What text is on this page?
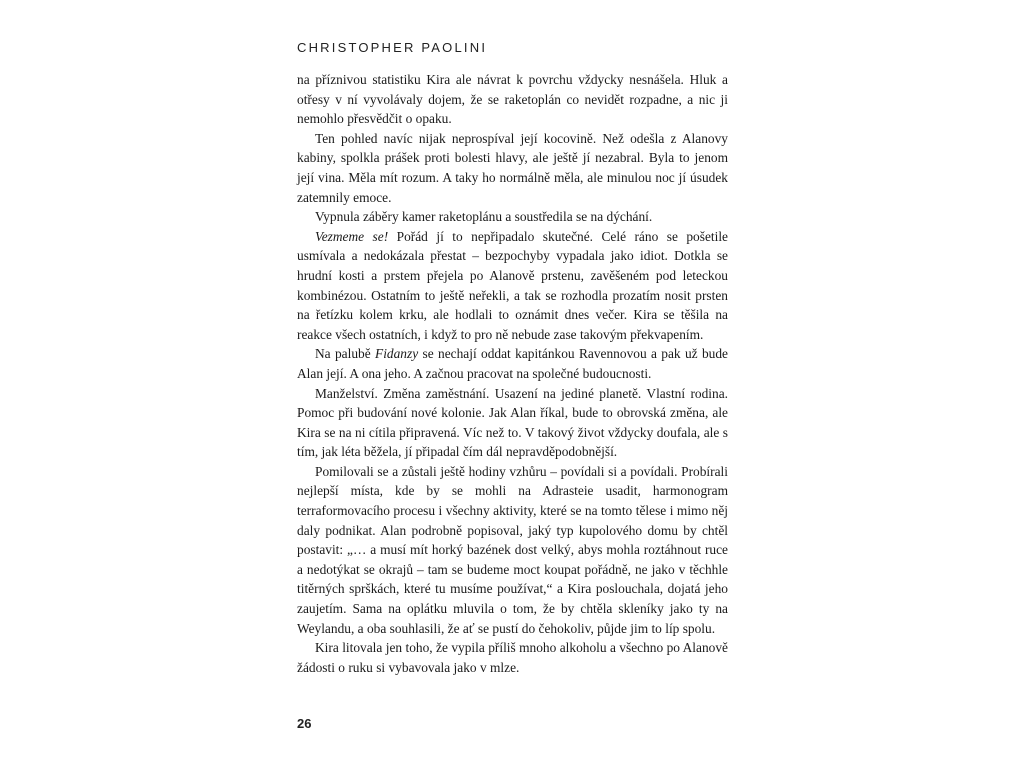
CHRISTOPHER PAOLINI

na příznivou statistiku Kira ale návrat k povrchu vždycky nesnášela. Hluk a otřesy v ní vyvolávaly dojem, že se raketoplán co nevidět rozpadne, a nic ji nemohlo přesvědčit o opaku.

Ten pohled navíc nijak neprospíval její kocovině. Než odešla z Alanovy kabiny, spolkla prášek proti bolesti hlavy, ale ještě jí nezabral. Byla to jenom její vina. Měla mít rozum. A taky ho normálně měla, ale minulou noc jí úsudek zatemnily emoce.

Vypnula záběry kamer raketoplánu a soustředila se na dýchání.

Vezmeme se! Pořád jí to nepřipadalo skutečné. Celé ráno se pošetile usmívala a nedokázala přestat – bezpochyby vypadala jako idiot. Dotkla se hrudní kosti a prstem přejela po Alanově prstenu, zavěšeném pod leteckou kombinézou. Ostatním to ještě neřekli, a tak se rozhodla prozatím nosit prsten na řetízku kolem krku, ale hodlali to oznámit dnes večer. Kira se těšila na reakce všech ostatních, i když to pro ně nebude zase takovým překvapením.

Na palubě Fidanzy se nechají oddat kapitánkou Ravennovou a pak už bude Alan její. A ona jeho. A začnou pracovat na společné budoucnosti.

Manželství. Změna zaměstnání. Usazení na jediné planetě. Vlastní rodina. Pomoc při budování nové kolonie. Jak Alan říkal, bude to obrovská změna, ale Kira se na ni cítila připravená. Víc než to. V takový život vždycky doufala, ale s tím, jak léta běžela, jí připadal čím dál nepravděpodobnější.

Pomilovali se a zůstali ještě hodiny vzhůru – povídali si a povídali. Probírali nejlepší místa, kde by se mohli na Adrasteie usadit, harmonogram terraformovacího procesu i všechny aktivity, které se na tomto tělese i mimo něj daly podnikat. Alan podrobně popisoval, jaký typ kupolového domu by chtěl postavit: „… a musí mít horký bazének dost velký, abys mohla roztáhnout ruce a nedotýkat se okrajů – tam se budeme moct koupat pořádně, ne jako v těchhle titěrných sprškách, které tu musíme používat,“ a Kira poslouchala, dojatá jeho zaujetím. Sama na oplátku mluvila o tom, že by chtěla skleníky jako ty na Weylandu, a oba souhlasili, že ať se pustí do čehokoliv, půjde jim to líp spolu.

Kira litovala jen toho, že vypila příliš mnoho alkoholu a všechno po Alanově žádosti o ruku si vybavovala jako v mlze.

26
